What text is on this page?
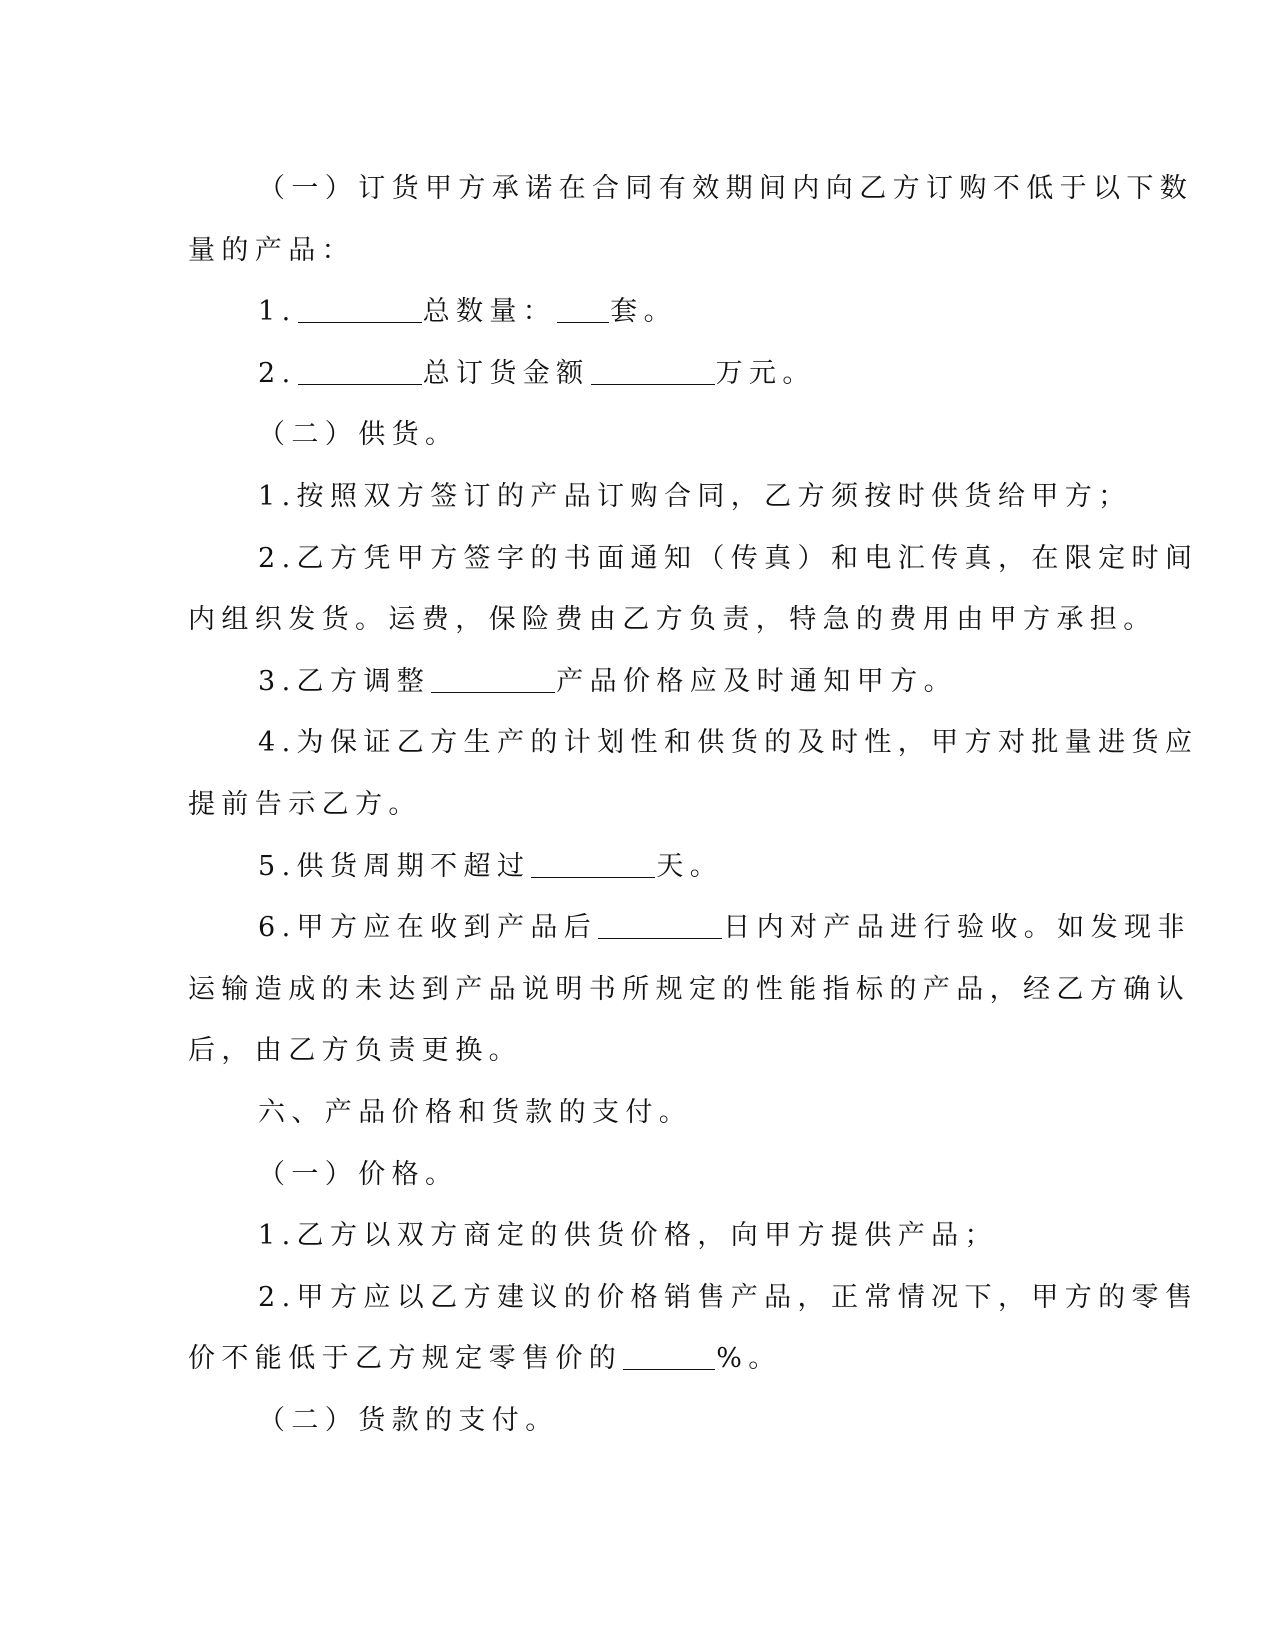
（一）订货甲方承诺在合同有效期间内向乙方订购不低于以下数

量的产品：

1.	总数量： 套。

2.	总订货金额	万元。

（二）供货。

1.按照双方签订的产品订购合同，乙方须按时供货给甲方；

2.乙方凭甲方签字的书面通知（传真）和电汇传真，在限定时间

内组织发货。运费，保险费由乙方负责，特急的费用由甲方承担。

3.乙方调整	产品价格应及时通知甲方。

4.为保证乙方生产的计划性和供货的及时性，甲方对批量进货应

提前告示乙方。

5.供货周期不超过	天。

6.甲方应在收到产品后	日内对产品进行验收。如发现非

运输造成的未达到产品说明书所规定的性能指标的产品，经乙方确认

后，由乙方负责更换。

六、产品价格和货款的支付。

（一）价格。

1.乙方以双方商定的供货价格，向甲方提供产品；

2.甲方应以乙方建议的价格销售产品，正常情况下，甲方的零售

价不能低于乙方规定零售价的	%。

（二）货款的支付。
